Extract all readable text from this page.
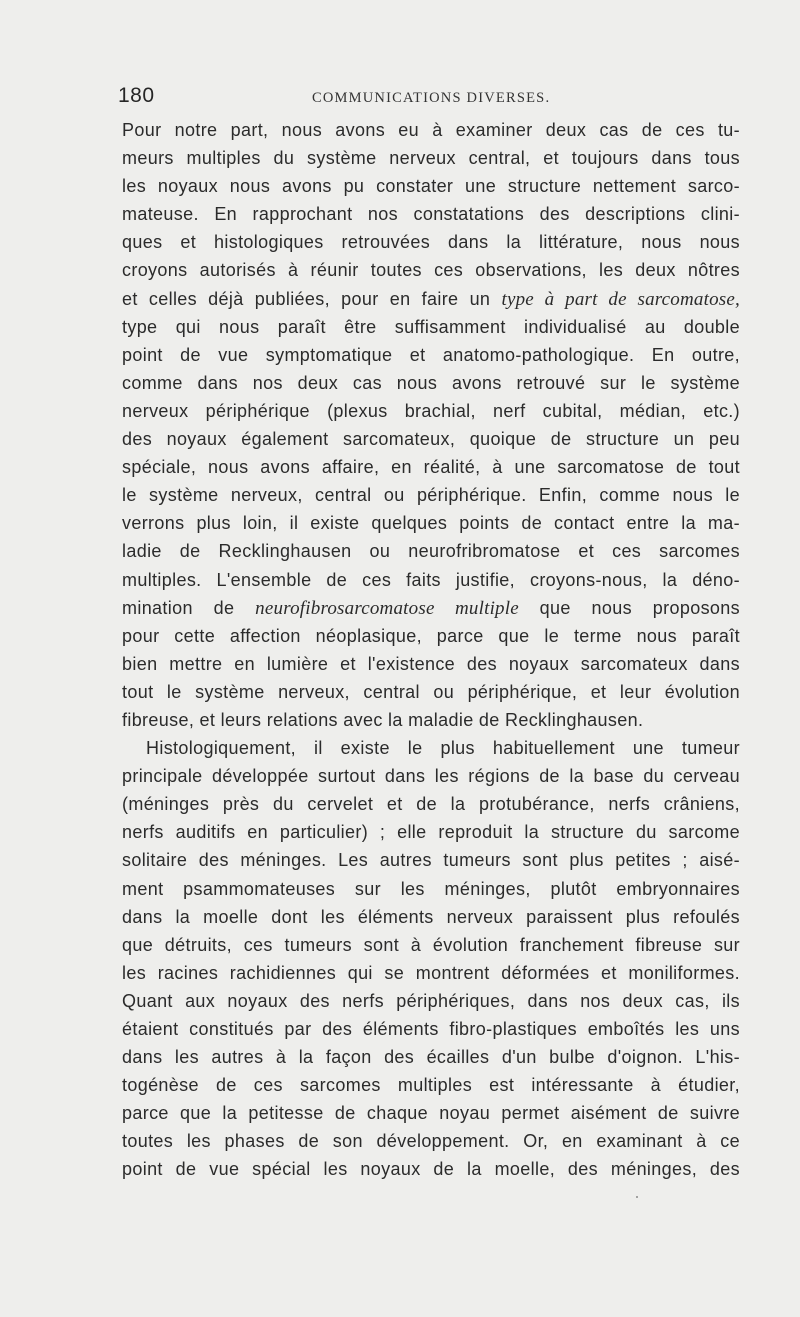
180	COMMUNICATIONS DIVERSES.
Pour notre part, nous avons eu à examiner deux cas de ces tu-
meurs multiples du système nerveux central, et toujours dans tous
les noyaux nous avons pu constater une structure nettement sarco-
mateuse. En rapprochant nos constatations des descriptions clini-
ques et histologiques retrouvées dans la littérature, nous nous
croyons autorisés à réunir toutes ces observations, les deux nôtres
et celles déjà publiées, pour en faire un type à part de sarcomatose,
type qui nous paraît être suffisamment individualisé au double
point de vue symptomatique et anatomo-pathologique. En outre,
comme dans nos deux cas nous avons retrouvé sur le système
nerveux périphérique (plexus brachial, nerf cubital, médian, etc.)
des noyaux également sarcomateux, quoique de structure un peu
spéciale, nous avons affaire, en réalité, à une sarcomatose de tout
le système nerveux, central ou périphérique. Enfin, comme nous le
verrons plus loin, il existe quelques points de contact entre la ma-
ladie de Recklinghausen ou neurofribromatose et ces sarcomes
multiples. L'ensemble de ces faits justifie, croyons-nous, la déno-
mination de neurofibrosarcomatose multiple que nous proposons
pour cette affection néoplasique, parce que le terme nous paraît
bien mettre en lumière et l'existence des noyaux sarcomateux dans
tout le système nerveux, central ou périphérique, et leur évolution
fibreuse, et leurs relations avec la maladie de Recklinghausen.
Histologiquement, il existe le plus habituellement une tumeur
principale développée surtout dans les régions de la base du cerveau
(méninges près du cervelet et de la protubérance, nerfs crâniens,
nerfs auditifs en particulier) ; elle reproduit la structure du sarcome
solitaire des méninges. Les autres tumeurs sont plus petites ; aisé-
ment psammomateuses sur les méninges, plutôt embryonnaires
dans la moelle dont les éléments nerveux paraissent plus refoulés
que détruits, ces tumeurs sont à évolution franchement fibreuse sur
les racines rachidiennes qui se montrent déformées et moniliformes.
Quant aux noyaux des nerfs périphériques, dans nos deux cas, ils
étaient constitués par des éléments fibro-plastiques emboîtés les uns
dans les autres à la façon des écailles d'un bulbe d'oignon. L'his-
togénèse de ces sarcomes multiples est intéressante à étudier,
parce que la petitesse de chaque noyau permet aisément de suivre
toutes les phases de son développement. Or, en examinant à ce
point de vue spécial les noyaux de la moelle, des méninges, des
